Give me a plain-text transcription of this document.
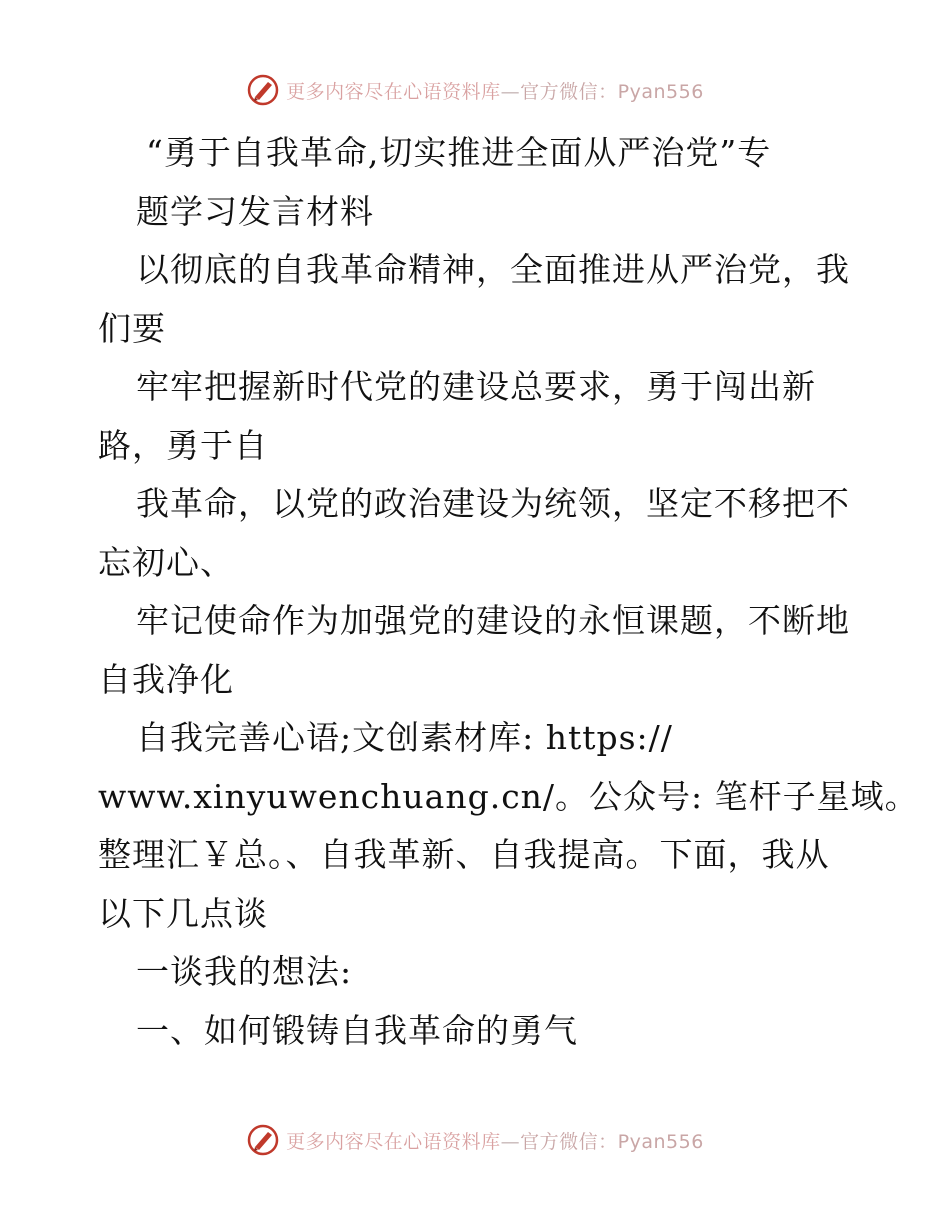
更多内容尽在心语资料库—官方微信：Pyan556
“勇于自我革命,切实推进全面从严治党”专
题学习发言材料
以彻底的自我革命精神，全面推进从严治党，我
们要
牢牢把握新时代党的建设总要求，勇于闯出新
路，勇于自
我革命，以党的政治建设为统领，坚定不移把不
忘初心、
牢记使命作为加强党的建设的永恒课题，不断地
自我净化
自我完善心语;文创素材库: https://
www.xinyuwenchuang.cn/。公众号: 笔杆子星域。
整理汇￥总。、自我革新、自我提高。下面，我从
以下几点谈
一谈我的想法:
一、如何锻铸自我革命的勇气
更多内容尽在心语资料库—官方微信：Pyan556
